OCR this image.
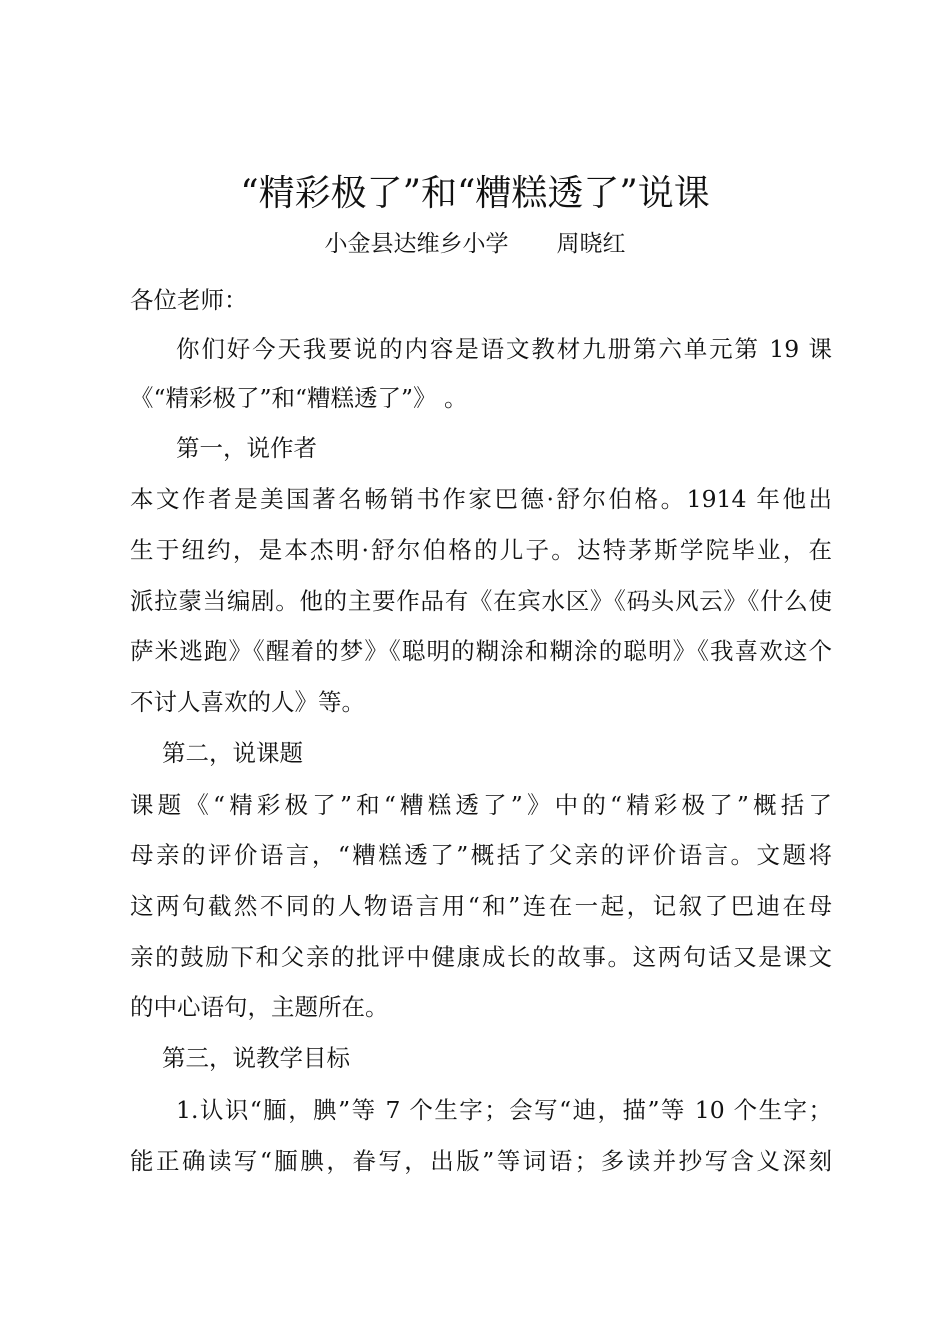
“精彩极了”和“糟糕透了”说课
小金县达维乡小学 周晓红
各位老师：
你们好今天我要说的内容是语文教材九册第六单元第 19 课
《“精彩极了”和“糟糕透了”》 。
第一，说作者
本文作者是美国著名畅销书作家巴德·舒尔伯格。1914 年他出
生于纽约，是本杰明·舒尔伯格的儿子。达特茅斯学院毕业，在
派拉蒙当编剧。他的主要作品有《在宾水区》《码头风云》《什么使
萨米逃跑》《醒着的梦》《聪明的糊涂和糊涂的聪明》《我喜欢这个
不讨人喜欢的人》等。
第二，说课题
课题《“精彩极了”和“糟糕透了”》中的“精彩极了”概括了
母亲的评价语言，“糟糕透了”概括了父亲的评价语言。文题将
这两句截然不同的人物语言用“和”连在一起，记叙了巴迪在母
亲的鼓励下和父亲的批评中健康成长的故事。这两句话又是课文
的中心语句，主题所在。
第三，说教学目标
1.认识“腼，腆”等 7 个生字；会写“迪，描”等 10 个生字；
能正确读写“腼腆，眷写，出版”等词语；多读并抄写含义深刻
